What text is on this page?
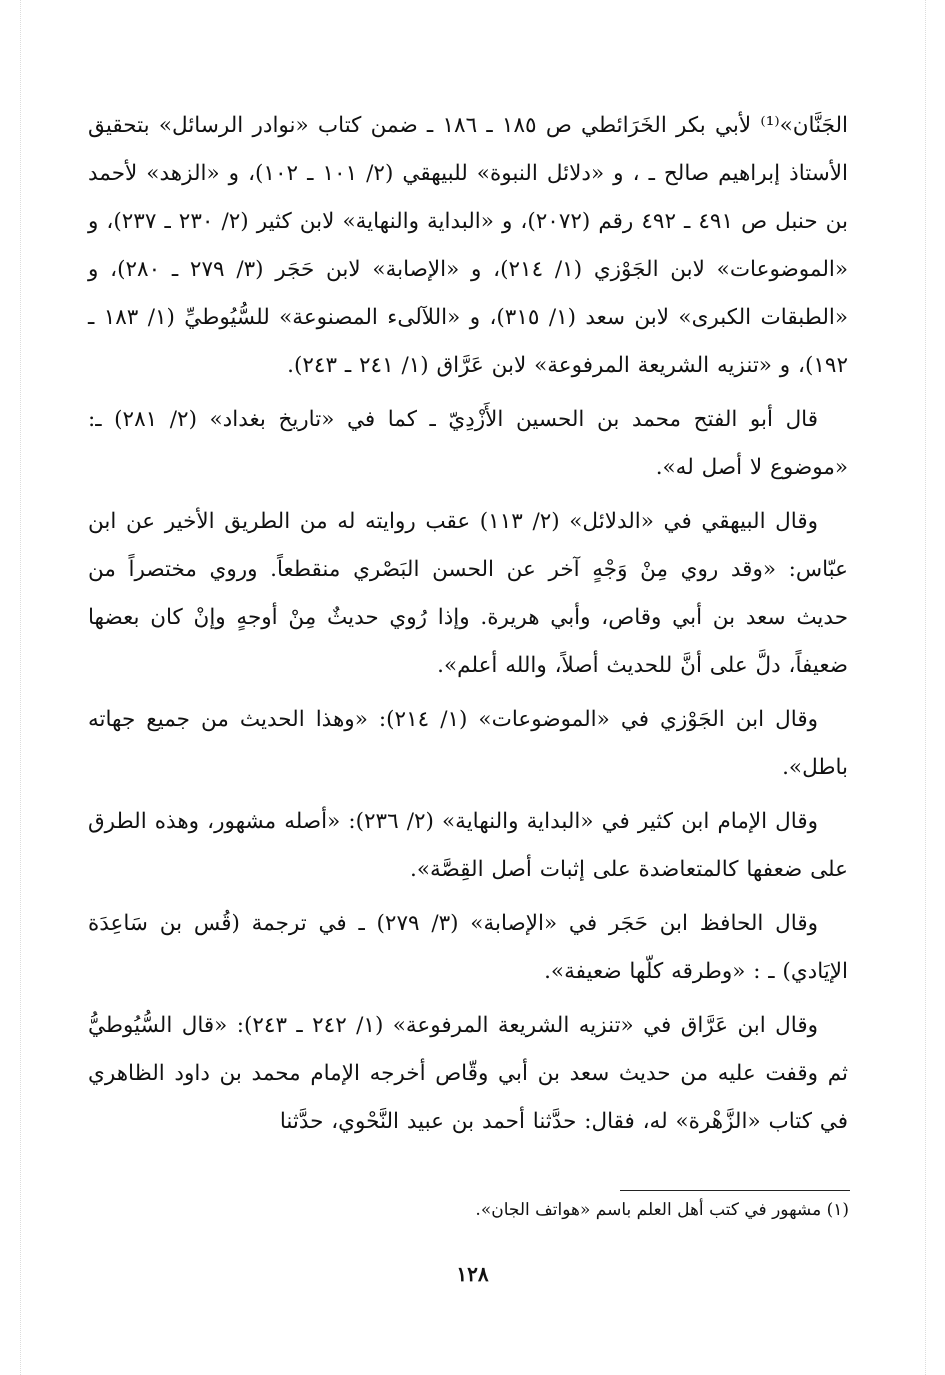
الجَنَّان»⁽¹⁾ لأبي بكر الخَرَائطي ص ١٨٥ ـ ١٨٦ ـ ضمن كتاب «نوادر الرسائل» بتحقيق الأستاذ إبراهيم صالح ـ ، و «دلائل النبوة» للبيهقي (٢/ ١٠١ ـ ١٠٢)، و «الزهد» لأحمد بن حنبل ص ٤٩١ ـ ٤٩٢ رقم (٢٠٧٢)، و «البداية والنهاية» لابن كثير (٢/ ٢٣٠ ـ ٢٣٧)، و «الموضوعات» لابن الجَوْزي (١/ ٢١٤)، و «الإصابة» لابن حَجَر (٣/ ٢٧٩ ـ ٢٨٠)، و «الطبقات الكبرى» لابن سعد (١/ ٣١٥)، و «اللآلىء المصنوعة» للسُّيُوطيِّ (١/ ١٨٣ ـ ١٩٢)، و «تنزيه الشريعة المرفوعة» لابن عَرَّاق (١/ ٢٤١ ـ ٢٤٣).

قال أبو الفتح محمد بن الحسين الأَزْدِيّ ـ كما في «تاريخ بغداد» (٢/ ٢٨١) ـ: «موضوع لا أصل له».

وقال البيهقي في «الدلائل» (٢/ ١١٣) عقب روايته له من الطريق الأخير عن ابن عبّاس: «وقد روي مِنْ وَجْهٍ آخر عن الحسن البَصْري منقطعاً. وروي مختصراً من حديث سعد بن أبي وقاص، وأبي هريرة. وإذا رُوي حديثٌ مِنْ أوجهٍ وإنْ كان بعضها ضعيفاً، دلَّ على أنَّ للحديث أصلاً، والله أعلم».

وقال ابن الجَوْزي في «الموضوعات» (١/ ٢١٤): «وهذا الحديث من جميع جهاته باطل».

وقال الإمام ابن كثير في «البداية والنهاية» (٢/ ٢٣٦): «أصله مشهور، وهذه الطرق على ضعفها كالمتعاضدة على إثبات أصل القِصَّة».

وقال الحافظ ابن حَجَر في «الإصابة» (٣/ ٢٧٩) ـ في ترجمة (قُس بن سَاعِدَة الإيَادي) ـ : «وطرقه كلّها ضعيفة».

وقال ابن عَرَّاق في «تنزيه الشريعة المرفوعة» (١/ ٢٤٢ ـ ٢٤٣): «قال السُّيُوطيُّ ثم وقفت عليه من حديث سعد بن أبي وقّاص أخرجه الإمام محمد بن داود الظاهري في كتاب «الزَّهْرة» له، فقال: حدَّثنا أحمد بن عبيد النَّحْوي، حدَّثنا

(١) مشهور في كتب أهل العلم باسم «هواتف الجان».
١٢٨
